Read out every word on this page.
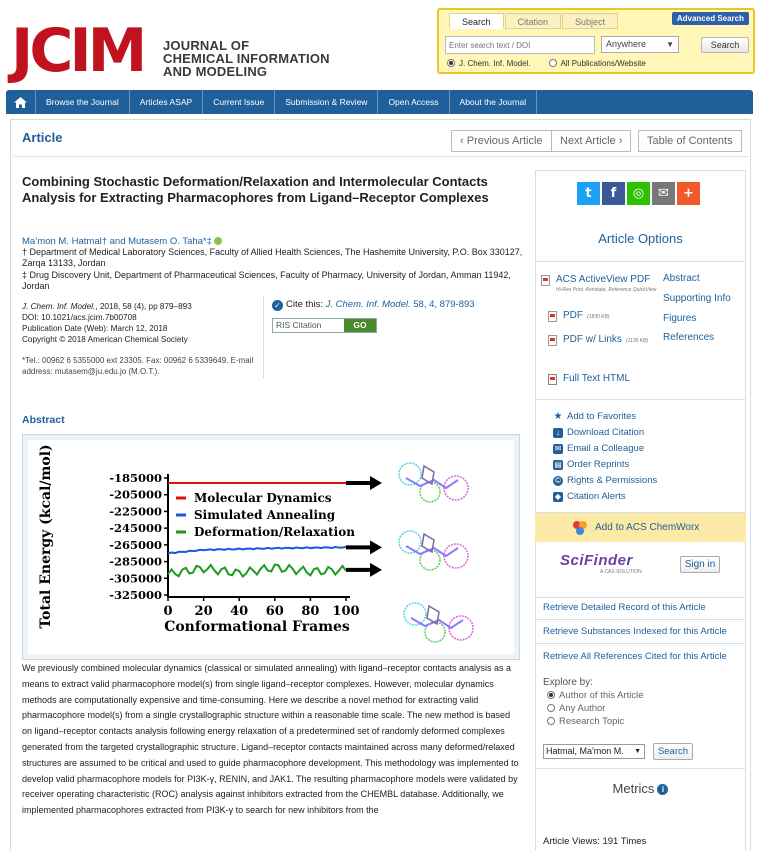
JCIM JOURNAL OF
CHEMICAL INFORMATION
AND MODELING
Search	Citation	Subject	Advanced Search
Enter search text / DOI
Anywhere	▼	Search
J. Chem. Inf. Model.	All Publications/Website
Browse the Journal	Articles ASAP	Current Issue	Submission & Review	Open Access	About the Journal
Article	‹ Previous Article	Next Article ›	Table of Contents
Combining Stochastic Deformation/Relaxation and Intermolecular Contacts Analysis for Extracting Pharmacophores from Ligand–Receptor Complexes
Ma’mon M. Hatmal† and Mutasem O. Taha*‡
† Department of Medical Laboratory Sciences, Faculty of Allied Health Sciences, The Hashemite University, P.O. Box 330127, Zarqa 13133, Jordan
‡ Drug Discovery Unit, Department of Pharmaceutical Sciences, Faculty of Pharmacy, University of Jordan, Amman 11942, Jordan
J. Chem. Inf. Model., 2018, 58 (4), pp 879–893
DOI: 10.1021/acs.jcim.7b00708
Publication Date (Web): March 12, 2018
Copyright © 2018 American Chemical Society
*Tel.: 00962 6 5355000 ext 23305. Fax: 00962 6 5339649. E-mail address: mutasem@ju.edu.jo (M.O.T.).
✓ Cite this: J. Chem. Inf. Model. 58, 4, 879-893
RIS Citation	GO
Abstract
-185000
-205000
-225000
-245000
-265000
-285000
-305000
-325000
0 20 40 60 80 100
Conformational Frames
Total Energy (kcal/mol)	Molecular Dynamics
Simulated Annealing
Deformation/Relaxation
We previously combined molecular dynamics (classical or simulated annealing) with ligand–receptor contacts analysis as a means to extract valid pharmacophore model(s) from single ligand–receptor complexes. However, molecular dynamics methods are computationally expensive and time-consuming. Here we describe a novel method for extracting valid pharmacophore model(s) from a single crystallographic structure within a reasonable time scale. The new method is based on ligand–receptor contacts analysis following energy relaxation of a predetermined set of randomly deformed complexes generated from the targeted crystallographic structure. Ligand–receptor contacts maintained across many deformed/relaxed structures are assumed to be critical and used to guide pharmacophore development. This methodology was implemented to develop valid pharmacophore models for PI3K-γ, RENIN, and JAK1. The resulting pharmacophore models were validated by receiver operating characteristic (ROC) analysis against inhibitors extracted from the CHEMBL database. Additionally, we implemented pharmacophores extracted from PI3K-γ to search for new inhibitors from the
t	f	◎	✉	+
Article Options
ACS ActiveView PDF
Hi-Res Print, Annotate, Reference QuickView
PDF (1830 KB)
PDF w/ Links (1135 KB)
Full Text HTML
Abstract
Supporting Info
Figures
References
★ Add to Favorites
↓ Download Citation
✉ Email a Colleague
▤ Order Reprints
© Rights & Permissions
◆ Citation Alerts
Add to ACS ChemWorx
SciFinder
A CAS SOLUTION
Sign in
Retrieve Detailed Record of this Article
Retrieve Substances Indexed for this Article
Retrieve All References Cited for this Article
Explore by:
Author of this Article
Any Author
Research Topic
Hatmal, Ma'mon M. ▼	Search
Metrics i
Article Views: 191 Times
